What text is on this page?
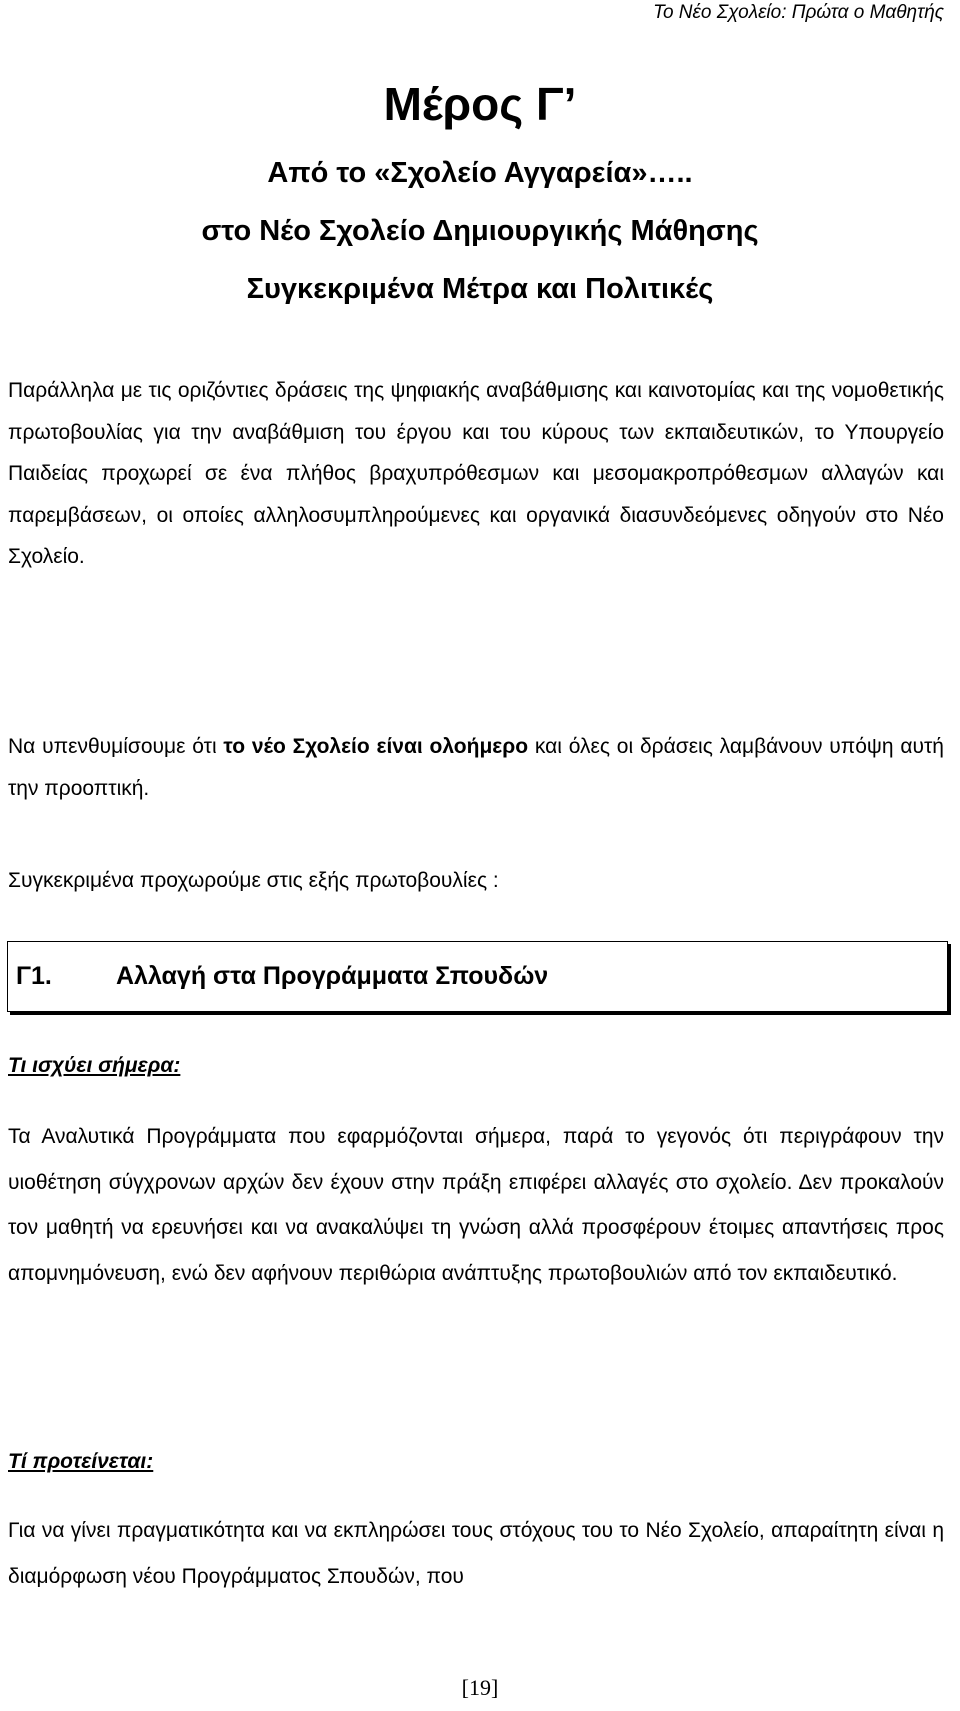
Το Νέο Σχολείο: Πρώτα ο Μαθητής
Μέρος Γ’
Από το «Σχολείο Αγγαρεία»…..
στο Νέο Σχολείο Δημιουργικής Μάθησης
Συγκεκριμένα Μέτρα και Πολιτικές
Παράλληλα με τις οριζόντιες δράσεις της ψηφιακής αναβάθμισης και καινοτομίας και της νομοθετικής πρωτοβουλίας για την αναβάθμιση του έργου και του κύρους των εκπαιδευτικών, το Υπουργείο Παιδείας προχωρεί σε ένα πλήθος βραχυπρόθεσμων και μεσομακροπρόθεσμων αλλαγών και παρεμβάσεων, οι οποίες αλληλοσυμπληρούμενες και οργανικά διασυνδεόμενες οδηγούν στο Νέο Σχολείο.
Να υπενθυμίσουμε ότι το νέο Σχολείο είναι ολοήμερο και όλες οι δράσεις λαμβάνουν υπόψη αυτή την προοπτική.
Συγκεκριμένα προχωρούμε στις εξής πρωτοβουλίες :
Γ1.	Αλλαγή στα Προγράμματα Σπουδών
Τι ισχύει σήμερα:
Τα Αναλυτικά Προγράμματα που εφαρμόζονται σήμερα, παρά το γεγονός ότι περιγράφουν την υιοθέτηση σύγχρονων αρχών δεν έχουν στην πράξη επιφέρει αλλαγές στο σχολείο. Δεν προκαλούν τον μαθητή να ερευνήσει και να ανακαλύψει τη γνώση αλλά προσφέρουν έτοιμες απαντήσεις προς απομνημόνευση, ενώ δεν αφήνουν περιθώρια ανάπτυξης πρωτοβουλιών από τον εκπαιδευτικό.
Τί προτείνεται:
Για να γίνει πραγματικότητα και να εκπληρώσει τους στόχους του το Νέο Σχολείο, απαραίτητη είναι η διαμόρφωση νέου Προγράμματος Σπουδών, που
[19]
